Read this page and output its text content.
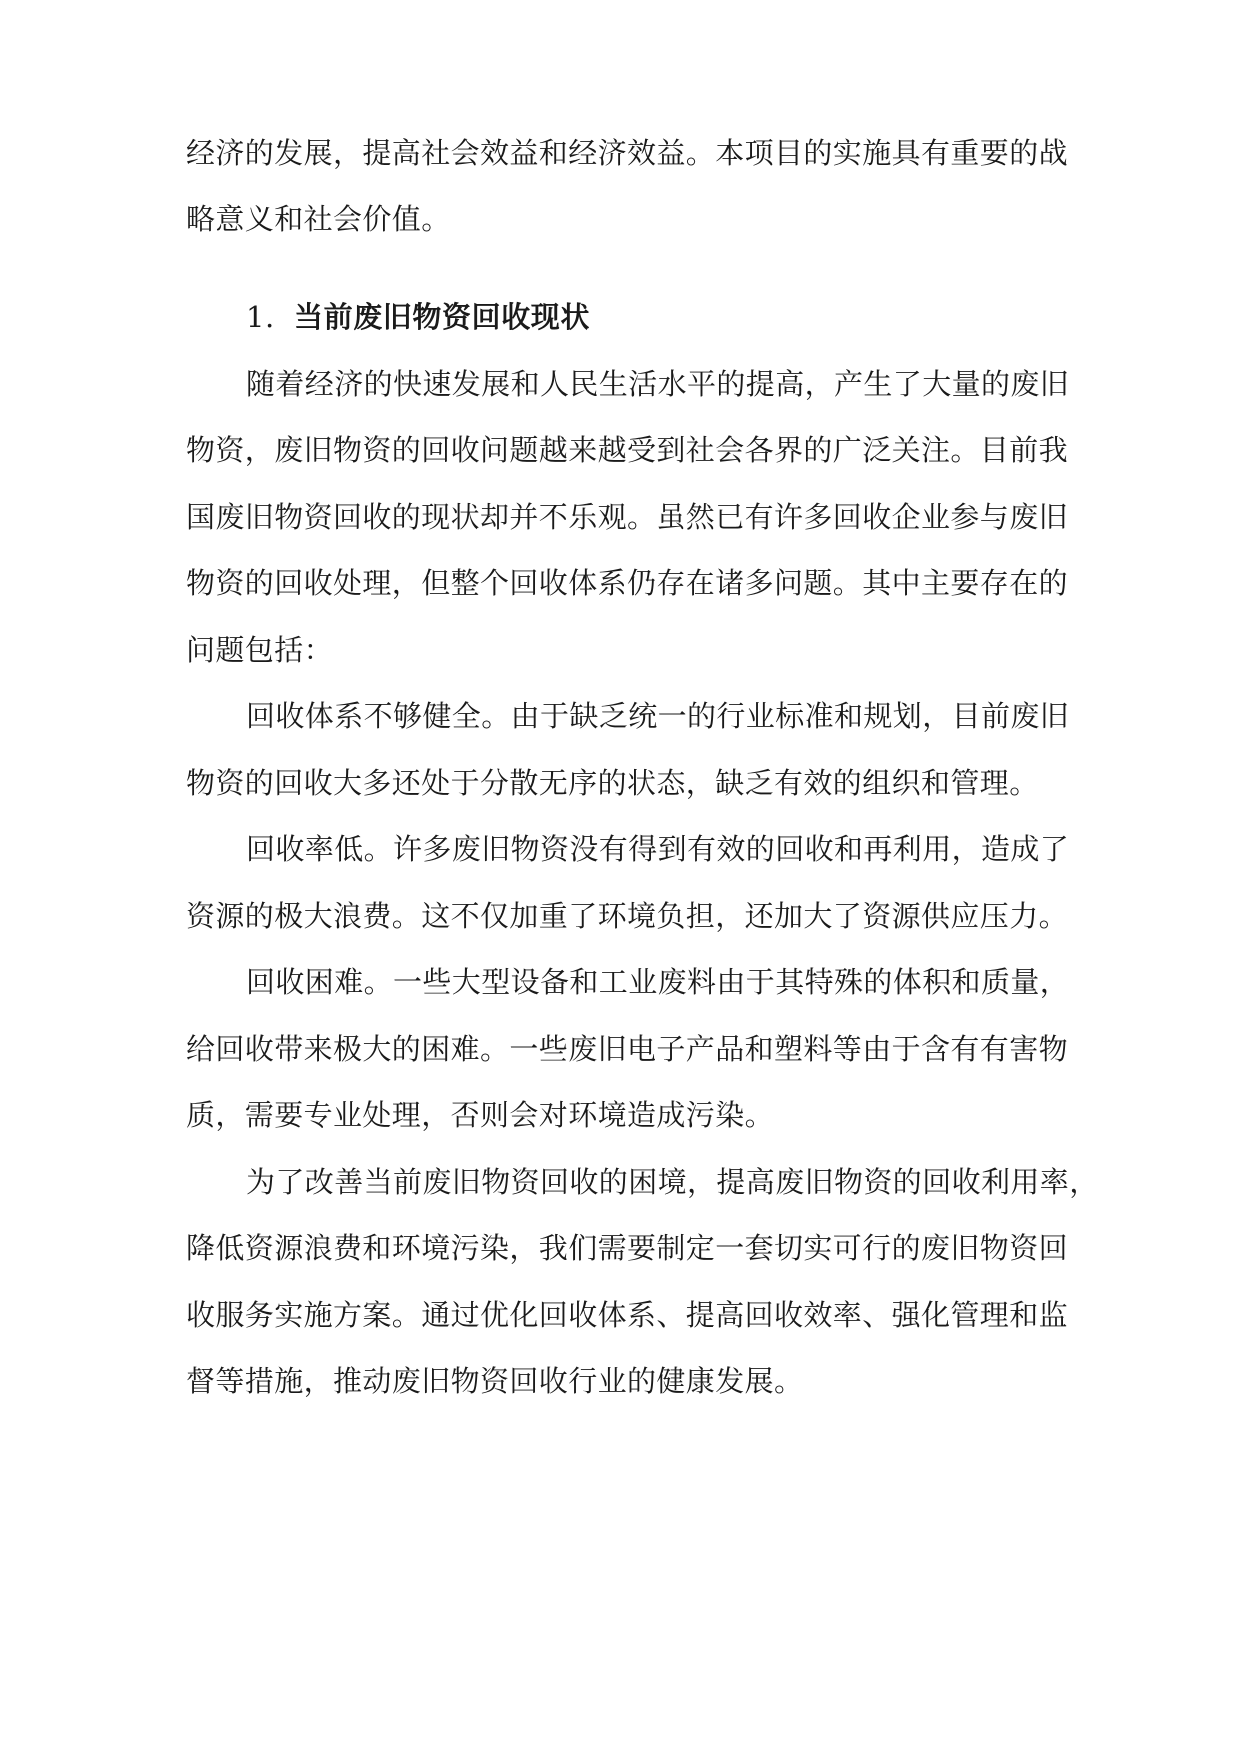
经济的发展，提高社会效益和经济效益。本项目的实施具有重要的战
略意义和社会价值。
1. 当前废旧物资回收现状
随着经济的快速发展和人民生活水平的提高，产生了大量的废旧
物资，废旧物资的回收问题越来越受到社会各界的广泛关注。目前我
国废旧物资回收的现状却并不乐观。虽然已有许多回收企业参与废旧
物资的回收处理，但整个回收体系仍存在诸多问题。其中主要存在的
问题包括：
回收体系不够健全。由于缺乏统一的行业标准和规划，目前废旧
物资的回收大多还处于分散无序的状态，缺乏有效的组织和管理。
回收率低。许多废旧物资没有得到有效的回收和再利用，造成了
资源的极大浪费。这不仅加重了环境负担，还加大了资源供应压力。
回收困难。一些大型设备和工业废料由于其特殊的体积和质量，
给回收带来极大的困难。一些废旧电子产品和塑料等由于含有有害物
质，需要专业处理，否则会对环境造成污染。
为了改善当前废旧物资回收的困境，提高废旧物资的回收利用率，
降低资源浪费和环境污染，我们需要制定一套切实可行的废旧物资回
收服务实施方案。通过优化回收体系、提高回收效率、强化管理和监
督等措施，推动废旧物资回收行业的健康发展。
